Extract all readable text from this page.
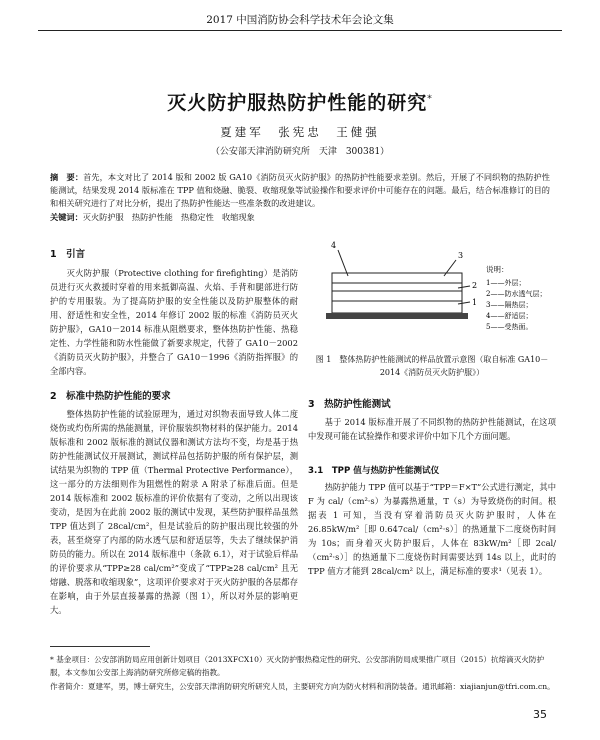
2017 中国消防协会科学技术年会论文集
灭火防护服热防护性能的研究*
夏建军　张宪忠　王健强
（公安部天津消防研究所　天津　300381）
摘　要：首先，本文对比了 2014 版和 2002 版 GA10《消防员灭火防护服》的热防护性能要求差别。然后，开展了不同织物的热防护性能测试，结果发现 2014 版标准在 TPP 值和烧融、脆裂、收缩现象等试验操作和要求评价中可能存在的问题。最后，结合标准修订的目的和相关研究进行了对比分析，提出了热防护性能达一些准条数的改进建议。
关键词：灭火防护服　热防护性能　热稳定性　收缩现象
1　引言
灭火防护服（Protective clothing for firefighting）是消防员进行灭火救援时穿着的用来抵御高温、火焰、手背和腿部进行防护的专用服装。为了提高防护服的安全性能以及防护服整体的耐用、舒适性和安全性，2014 年修订 2002 版的标准《消防员灭火防护服》，GA10－2014 标准从阻燃要求，整体热防护性能、热稳定性、力学性能和防水性能做了新要求规定，代替了 GA10－2002《消防员灭火防护服》，并整合了 GA10－1996《消防指挥服》的全部内容。
2　标准中热防护性能的要求
整体热防护性能的试验原理为，通过对织物表面导致人体二度烧伤或灼伤所需的热能测量，评价服装织物材料的保护能力。2014 版标准和 2002 版标准的测试仪器和测试方法均不变，均是基于热防护性能测试仪开展测试，测试样品包括防护服的所有保护层，测试结果为织物的 TPP 值（Thermal Protective Performance），这一部分的方法细则作为阻燃性的附录 A 附录了标准后面。但是 2014 版标准和 2002 版标准的评价依据有了变动，之所以出现该变动，是因为在此前 2002 版的测试中发现，某些防护服样品虽然 TPP 值达到了 28cal/cm²，但是试验后的防护服出现比较强的外表，甚至烧穿了内部的防水透气层和舒适层等，失去了继续保护消防员的能力。所以在 2014 版标准中（条款 6.1），对于试验后样品的评价要求从“TPP≥28 cal/cm²”变成了“TPP≥28 cal/cm² 且无熔融、脱落和收缩现象”，这项评价要求对于灭火防护服的各层都存在影响，由于外层直接暴露的热源（图 1），所以对外层的影响更大。
4
3
2
1
说明：
1——外层；
2——防水透气层；
3——隔热层；
4——舒适层；
5——受热面。
图 1　整体热防护性能测试的样品放置示意图（取自标准 GA10－2014《消防员灭火防护服》）
3　热防护性能测试
基于 2014 版标准开展了不同织物的热防护性能测试，在这项中发现可能在试验操作和要求评价中如下几个方面问题。
3.1　TPP 值与热防护性能测试仪
热防护能力 TPP 值可以基于“TPP＝F×T”公式进行测定，其中 F 为 cal/（cm²·s）为暴露热通量，T（s）为导致烧伤的时间。根据表 1 可知，当没有穿着消防员灭火防护服时，人体在 26.85kW/m²［即 0.647cal/（cm²·s）］的热通量下二度烧伤时间为 10s；而身着灭火防护服后，人体在 83kW/m²［即 2cal/（cm²·s）］的热通量下二度烧伤时间需要达到 14s 以上，此时的 TPP 值方才能到 28cal/cm² 以上，满足标准的要求¹（见表 1）。
* 基金项目：公安部消防局应用创新计划项目（2013XFCX10）灭火防护服热稳定性的研究、公安部消防局成果推广项目（2015）抗熔滴灭火防护服，本文参加公安部上海消防研究所修定稿的指教。
作者简介：夏建军，男，博士研究生，公安部天津消防研究所研究人员，主要研究方向为防火材料和消防装备。通讯邮箱：xiajianjun@tfri.com.cn。
35
